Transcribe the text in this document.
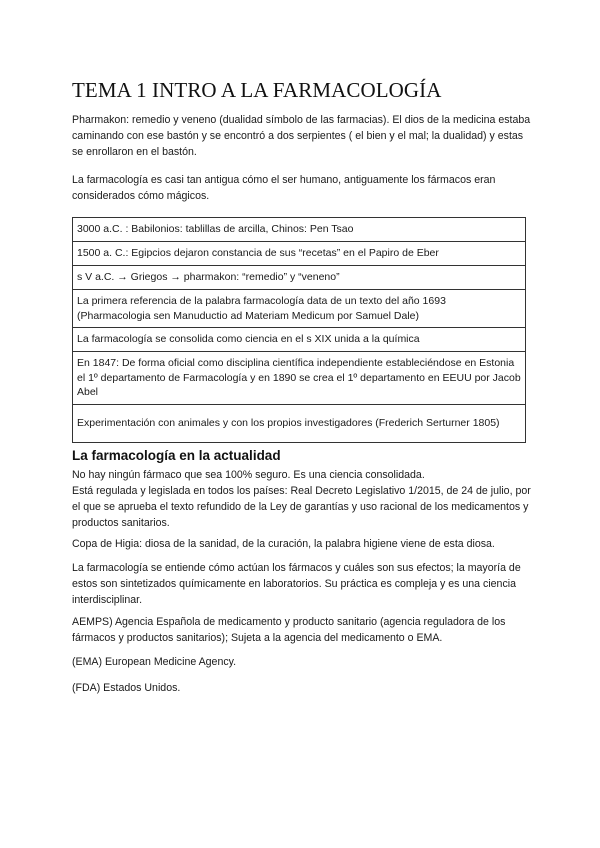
TEMA 1 INTRO A LA FARMACOLOGÍA

Pharmakon: remedio y veneno (dualidad símbolo de las farmacias). El dios de la medicina estaba caminando con ese bastón y se encontró a dos serpientes ( el bien y el mal; la dualidad) y estas se enrollaron en el bastón.

La farmacología es casi tan antigua cómo el ser humano, antiguamente los fármacos eran considerados cómo mágicos.

3000 a.C. : Babilonios: tablillas de arcilla, Chinos: Pen Tsao
1500 a. C.: Egipcios dejaron constancia de sus “recetas” en el Papiro de Eber
s V a.C. → Griegos → pharmakon: “remedio” y “veneno”
La primera referencia de la palabra farmacología data de un texto del año 1693 (Pharmacologia sen Manuductio ad Materiam Medicum por Samuel Dale)
La farmacología se consolida como ciencia en el s XIX unida a la química
En 1847: De forma oficial como disciplina científica independiente estableciéndose en Estonia el 1º departamento de Farmacología y en 1890 se crea el 1º departamento en EEUU por Jacob Abel
Experimentación con animales y con los propios investigadores (Frederich Serturner 1805)
La farmacología en la actualidad

No hay ningún fármaco que sea 100% seguro. Es una ciencia consolidada.

Está regulada y legislada en todos los países: Real Decreto Legislativo 1/2015, de 24 de julio, por el que se aprueba el texto refundido de la Ley de garantías y uso racional de los medicamentos y productos sanitarios.

Copa de Higia: diosa de la sanidad, de la curación, la palabra higiene viene de esta diosa.

La farmacología se entiende cómo actúan los fármacos y cuáles son sus efectos; la mayoría de estos son sintetizados químicamente en laboratorios. Su práctica es compleja y es una ciencia interdisciplinar.

AEMPS) Agencia Española de medicamento y producto sanitario (agencia reguladora de los fármacos y productos sanitarios); Sujeta a la agencia del medicamento o EMA.

(EMA) European Medicine Agency.

(FDA) Estados Unidos.
